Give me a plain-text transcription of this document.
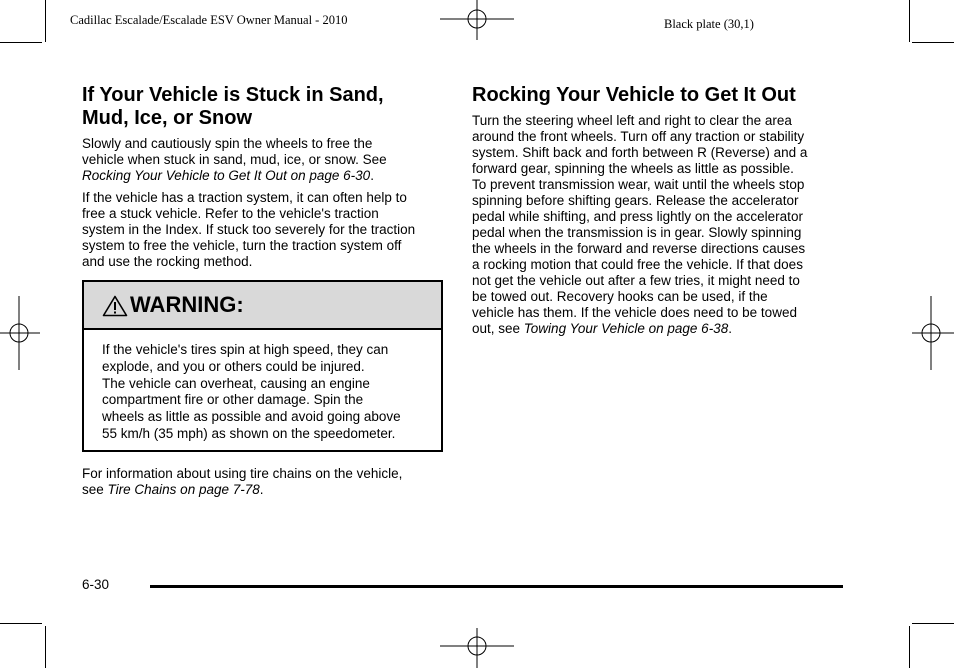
Cadillac Escalade/Escalade ESV Owner Manual - 2010	Black plate (30,1)
If Your Vehicle is Stuck in Sand,
Mud, Ice, or Snow

Slowly and cautiously spin the wheels to free the

vehicle when stuck in sand, mud, ice, or snow. See

Rocking Your Vehicle to Get It Out on page 6-30.

If the vehicle has a traction system, it can often help to

free a stuck vehicle. Refer to the vehicle's traction

system in the Index. If stuck too severely for the traction

system to free the vehicle, turn the traction system off

and use the rocking method.

WARNING:

If the vehicle's tires spin at high speed, they can

explode, and you or others could be injured.

The vehicle can overheat, causing an engine

compartment fire or other damage. Spin the

wheels as little as possible and avoid going above

55 km/h (35 mph) as shown on the speedometer.

For information about using tire chains on the vehicle,

see Tire Chains on page 7-78.

Rocking Your Vehicle to Get It Out

Turn the steering wheel left and right to clear the area

around the front wheels. Turn off any traction or stability

system. Shift back and forth between R (Reverse) and a

forward gear, spinning the wheels as little as possible.

To prevent transmission wear, wait until the wheels stop

spinning before shifting gears. Release the accelerator

pedal while shifting, and press lightly on the accelerator

pedal when the transmission is in gear. Slowly spinning

the wheels in the forward and reverse directions causes

a rocking motion that could free the vehicle. If that does

not get the vehicle out after a few tries, it might need to

be towed out. Recovery hooks can be used, if the

vehicle has them. If the vehicle does need to be towed

out, see Towing Your Vehicle on page 6-38.

6-30
